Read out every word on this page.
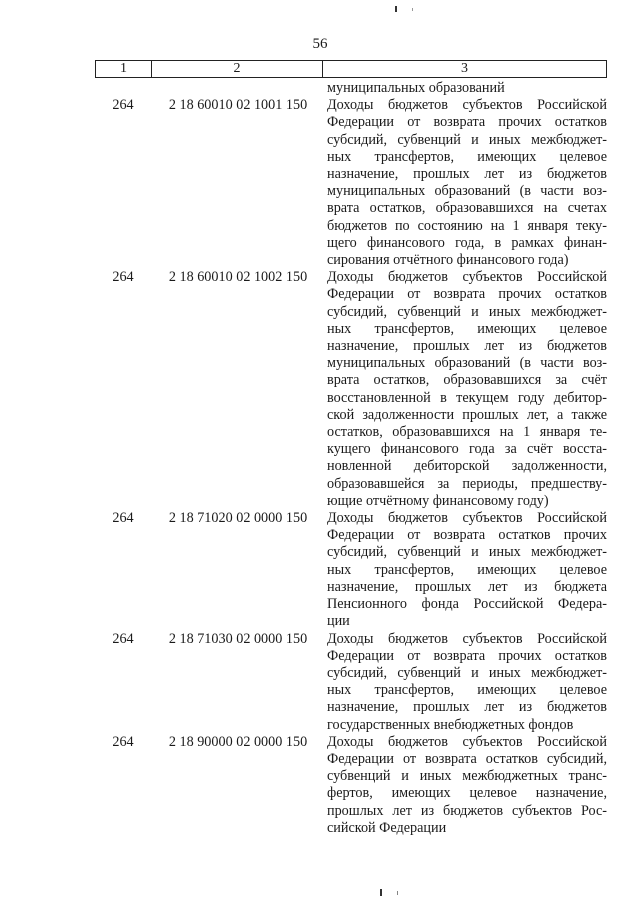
56
1	2	3
муниципальных образований
264	2 18 60010 02 1001 150	Доходы бюджетов субъектов Российской
Федерации от возврата прочих остатков
субсидий, субвенций и иных межбюджет-
ных трансфертов, имеющих целевое
назначение, прошлых лет из бюджетов
муниципальных образований (в части воз-
врата остатков, образовавшихся на счетах
бюджетов по состоянию на 1 января теку-
щего финансового года, в рамках финан-
сирования отчётного финансового года)
264	2 18 60010 02 1002 150	Доходы бюджетов субъектов Российской
Федерации от возврата прочих остатков
субсидий, субвенций и иных межбюджет-
ных трансфертов, имеющих целевое
назначение, прошлых лет из бюджетов
муниципальных образований (в части воз-
врата остатков, образовавшихся за счёт
восстановленной в текущем году дебитор-
ской задолженности прошлых лет, а также
остатков, образовавшихся на 1 января те-
кущего финансового года за счёт восста-
новленной дебиторской задолженности,
образовавшейся за периоды, предшеству-
ющие отчётному финансовому году)
264	2 18 71020 02 0000 150	Доходы бюджетов субъектов Российской
Федерации от возврата остатков прочих
субсидий, субвенций и иных межбюджет-
ных трансфертов, имеющих целевое
назначение, прошлых лет из бюджета
Пенсионного фонда Российской Федера-
ции
264	2 18 71030 02 0000 150	Доходы бюджетов субъектов Российской
Федерации от возврата прочих остатков
субсидий, субвенций и иных межбюджет-
ных трансфертов, имеющих целевое
назначение, прошлых лет из бюджетов
государственных внебюджетных фондов
264	2 18 90000 02 0000 150	Доходы бюджетов субъектов Российской
Федерации от возврата остатков субсидий,
субвенций и иных межбюджетных транс-
фертов, имеющих целевое назначение,
прошлых лет из бюджетов субъектов Рос-
сийской Федерации
